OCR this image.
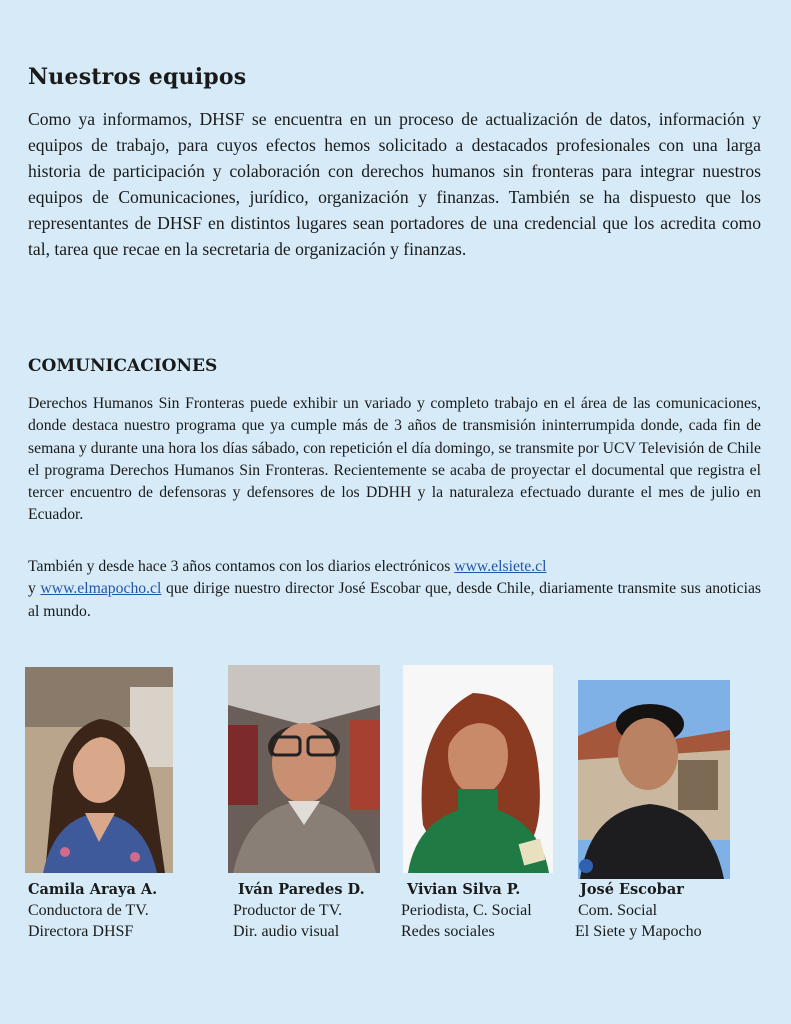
Nuestros equipos

Como ya informamos, DHSF se encuentra en un proceso de actualización de datos, información y equipos de trabajo, para cuyos efectos hemos solicitado a destacados profesionales con una larga historia de participación y colaboración con derechos humanos sin fronteras para integrar nuestros equipos de Comunicaciones, jurídico, organización y finanzas. También se ha dispuesto que los representantes de DHSF en distintos lugares sean portadores de una credencial que los acredita como tal, tarea que recae en la secretaria de organización y finanzas.

COMUNICACIONES

Derechos Humanos Sin Fronteras puede exhibir un variado y completo trabajo en el área de las comunicaciones, donde destaca nuestro programa que ya cumple más de 3 años de transmisión ininterrumpida donde, cada fin de semana y durante una hora los días sábado, con repetición el día domingo, se transmite por UCV Televisión de Chile el programa Derechos Humanos Sin Fronteras. Recientemente se acaba de proyectar el documental que registra el tercer encuentro de defensoras y defensores de los DDHH y la naturaleza efectuado durante el mes de julio en Ecuador.

También y desde hace 3 años contamos con los diarios electrónicos www.elsiete.cl
y www.elmapocho.cl que dirige nuestro director José Escobar que, desde Chile, diariamente transmite sus anoticias al mundo.

Camila Araya A.
Conductora de TV.
Directora DHSF
Iván Paredes D.
Productor de TV.
Dir. audio visual
Vivian Silva P.
Periodista, C. Social
Redes sociales
José Escobar
Com. Social
El Siete y Mapocho
